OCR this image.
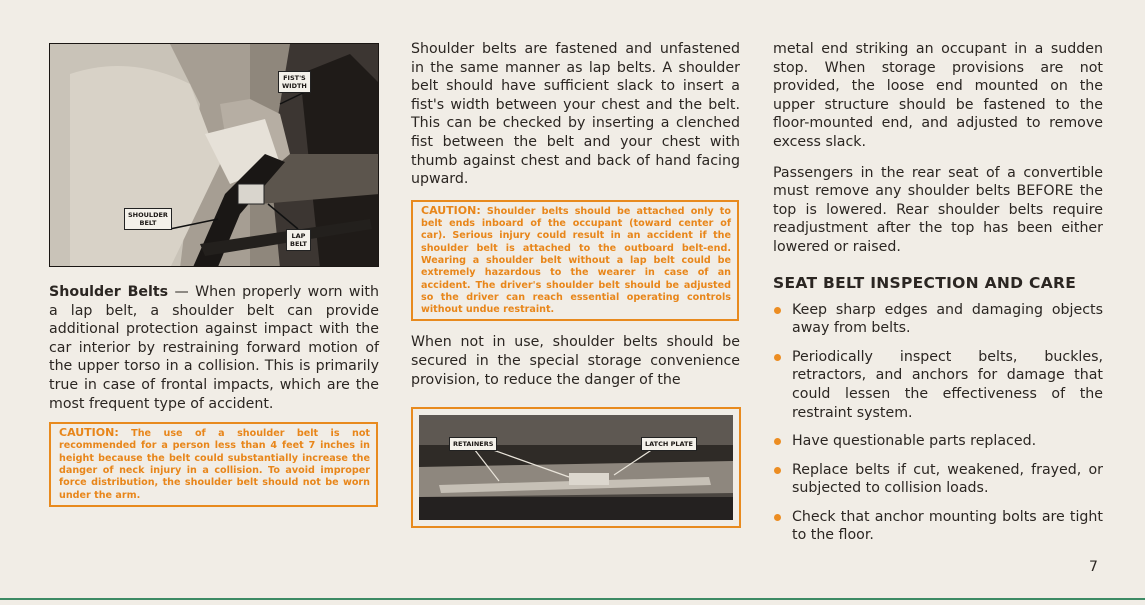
FIST'S
WIDTH
SHOULDER
BELT
LAP
BELT

Shoulder Belts — When properly worn with a lap belt, a shoulder belt can provide additional protection against impact with the car interior by restraining forward motion of the upper torso in a collision. This is primarily true in case of frontal impacts, which are the most frequent type of accident.

CAUTION: The use of a shoulder belt is not recommended for a person less than 4 feet 7 inches in height because the belt could substantially increase the danger of neck injury in a collision. To avoid improper force distribution, the shoulder belt should not be worn under the arm.

Shoulder belts are fastened and unfastened in the same manner as lap belts. A shoulder belt should have sufficient slack to insert a fist's width between your chest and the belt. This can be checked by inserting a clenched fist between the belt and your chest with thumb against chest and back of hand facing upward.

CAUTION: Shoulder belts should be attached only to belt ends inboard of the occupant (toward center of car). Serious injury could result in an accident if the shoulder belt is attached to the outboard belt-end. Wearing a shoulder belt without a lap belt could be extremely hazardous to the wearer in case of an accident. The driver's shoulder belt should be adjusted so the driver can reach essential operating controls without undue restraint.

When not in use, shoulder belts should be secured in the special storage convenience provision, to reduce the danger of the

RETAINERS	LATCH PLATE

metal end striking an occupant in a sudden stop. When storage provisions are not provided, the loose end mounted on the upper structure should be fastened to the floor-mounted end, and adjusted to remove excess slack.

Passengers in the rear seat of a convertible must remove any shoulder belts BEFORE the top is lowered. Rear shoulder belts require readjustment after the top has been either lowered or raised.

SEAT BELT INSPECTION AND CARE
Keep sharp edges and damaging objects away from belts.
Periodically inspect belts, buckles, retractors, and anchors for damage that could lessen the effectiveness of the restraint system.
Have questionable parts replaced.
Replace belts if cut, weakened, frayed, or subjected to collision loads.
Check that anchor mounting bolts are tight to the floor.
7
